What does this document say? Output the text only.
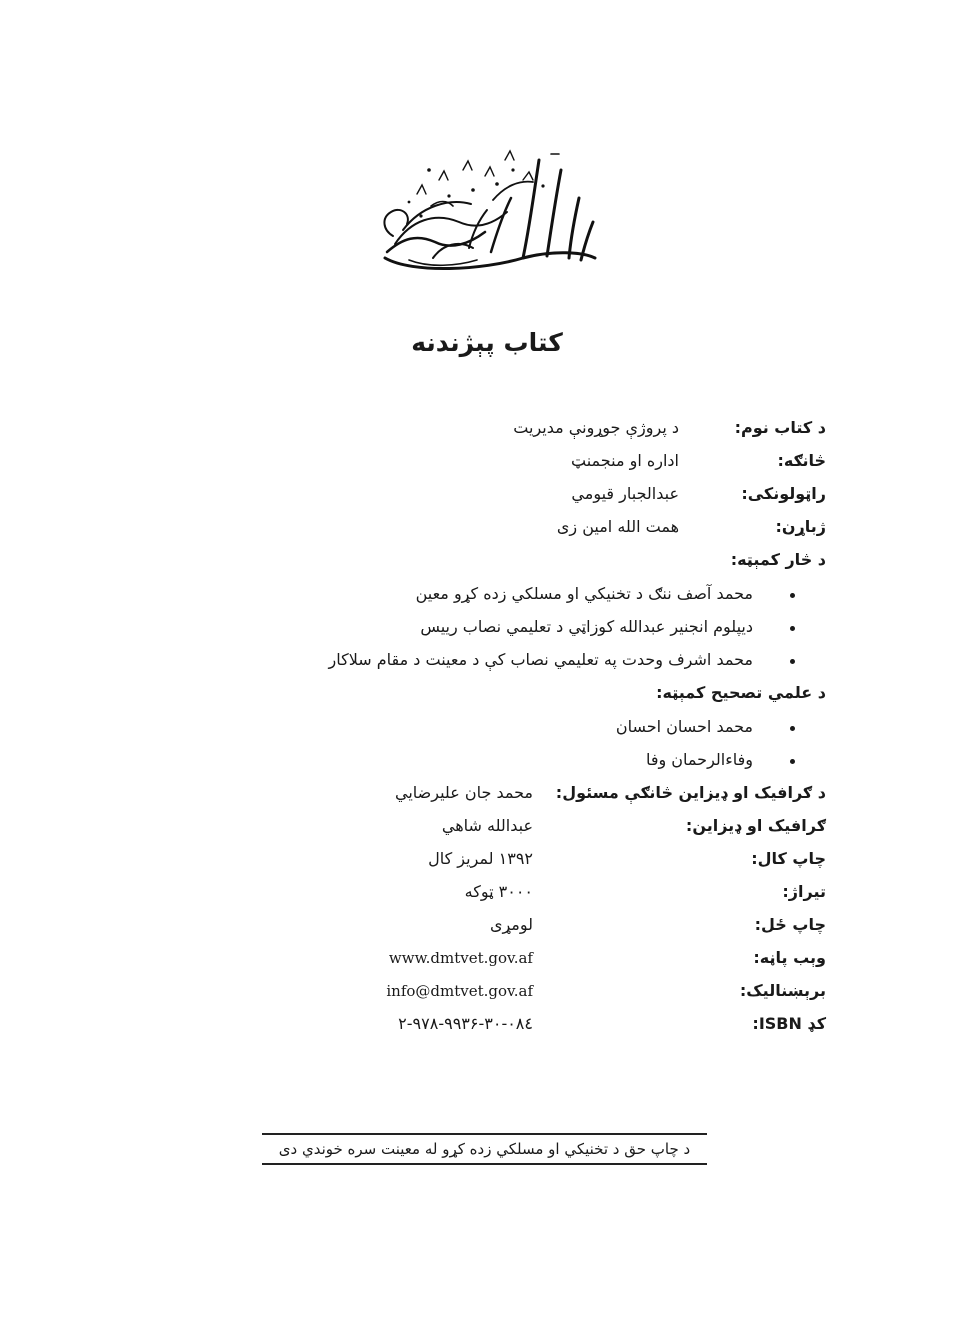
کتاب پېژندنه
د کتاب نوم:
د پروژې جوړونې مدیریت
څانګه:
اداره او منجمنټ
راټولونکی:
عبدالجبار قیومي
ژباړن:
همت الله امین زی
د څار کمېټه:
محمد آصف ننګ د تخنیکي او مسلکي زده کړو معین
دیپلوم انجنیر عبدالله کوزاټي د تعلیمي نصاب رییس
محمد اشرف وحدت په تعلیمي نصاب کې د معینت د مقام سلاکار
د علمي تصحیح کمېټه:
محمد احسان احسان
وفاءالرحمان وفا
د ګرافیک او ډیزاین څانګې مسئول:
محمد جان علیرضایي
ګرافیک او ډیزاین:
عبدالله شاهي
چاپ کال:
۱۳۹۲ لمریز کال
تیراژ:
۳۰۰۰ ټوکه
چاپ ځل:
لومړی
وېب پاڼه:
www.dmtvet.gov.af
برېښنالیک:
info@dmtvet.gov.af
کډ ISBN:
۹۷۸-۹۹۳۶-۳۰-۰۸٤-۲
د چاپ حق د تخنیکي او مسلکي زده کړو له معینت سره خوندي دی
